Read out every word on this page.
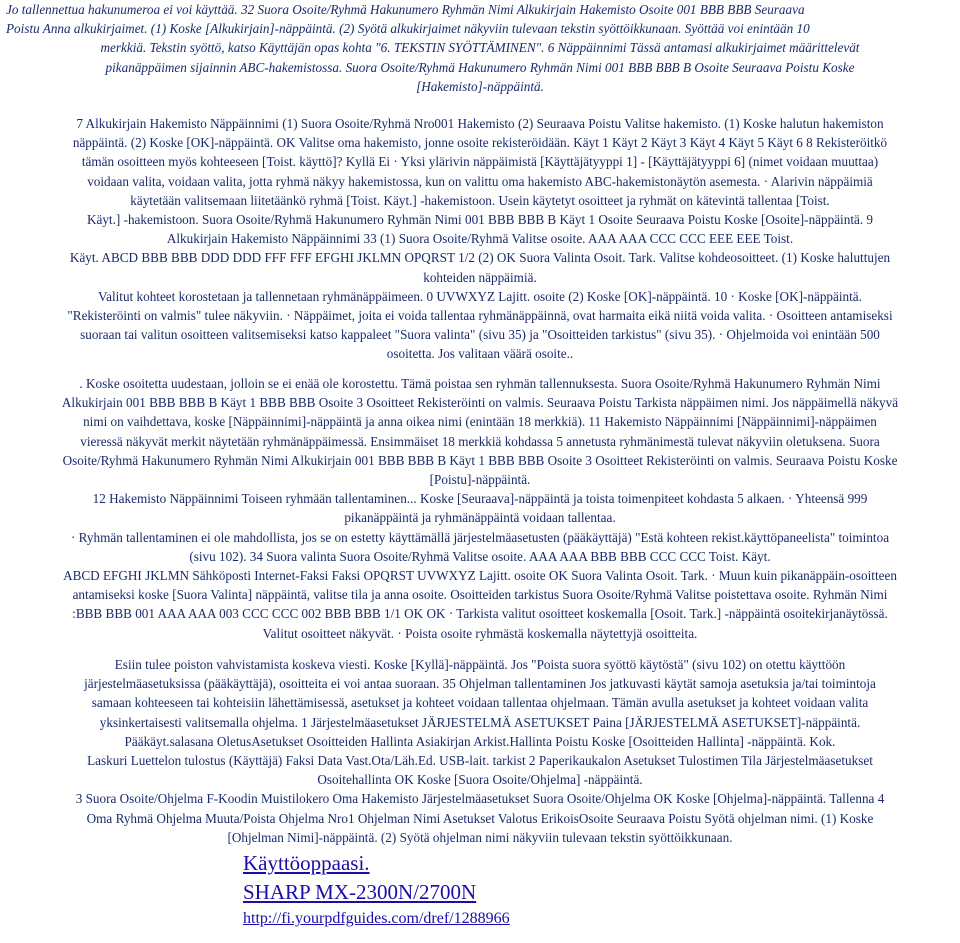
Jo tallennettua hakunumeroa ei voi käyttää. 32 Suora Osoite/Ryhmä Hakunumero Ryhmän Nimi Alkukirjain Hakemisto Osoite 001 BBB BBB Seuraava
Poistu Anna alkukirjaimet. (1) Koske [Alkukirjain]-näppäintä. (2) Syötä alkukirjaimet näkyviin tulevaan tekstin syöttöikkunaan. Syöttää voi enintään 10
merkkiä. Tekstin syöttö, katso Käyttäjän opas kohta "6. TEKSTIN SYÖTTÄMINEN". 6 Näppäinnimi Tässä antamasi alkukirjaimet määrittelevät
pikanäppäimen sijainnin ABC-hakemistossa. Suora Osoite/Ryhmä Hakunumero Ryhmän Nimi 001 BBB BBB B Osoite Seuraava Poistu Koske
[Hakemisto]-näppäintä.
7 Alkukirjain Hakemisto Näppäinnimi (1) Suora Osoite/Ryhmä Nro001 Hakemisto (2) Seuraava Poistu Valitse hakemisto. (1) Koske halutun hakemiston
näppäintä. (2) Koske [OK]-näppäintä. OK Valitse oma hakemisto, jonne osoite rekisteröidään. Käyt 1 Käyt 2 Käyt 3 Käyt 4 Käyt 5 Käyt 6 8 Rekisteröitkö
tämän osoitteen myös kohteeseen [Toist. käyttö]? Kyllä Ei · Yksi ylärivin näppäimistä [Käyttäjätyyppi 1] - [Käyttäjätyyppi 6] (nimet voidaan muuttaa)
voidaan valita, voidaan valita, jotta ryhmä näkyy hakemistossa, kun on valittu oma hakemisto ABC-hakemistonäytön asemesta. · Alarivin näppäimiä
käytetään valitsemaan liitetäänkö ryhmä [Toist. Käyt.] -hakemistoon. Usein käytetyt osoitteet ja ryhmät on kätevintä tallentaa [Toist.
Käyt.] -hakemistoon. Suora Osoite/Ryhmä Hakunumero Ryhmän Nimi 001 BBB BBB B Käyt 1 Osoite Seuraava Poistu Koske [Osoite]-näppäintä. 9
Alkukirjain Hakemisto Näppäinnimi 33 (1) Suora Osoite/Ryhmä Valitse osoite. AAA AAA CCC CCC EEE EEE Toist.
Käyt. ABCD BBB BBB DDD DDD FFF FFF EFGHI JKLMN OPQRST 1/2 (2) OK Suora Valinta Osoit. Tark. Valitse kohdeosoitteet. (1) Koske haluttujen
kohteiden näppäimiä.
Valitut kohteet korostetaan ja tallennetaan ryhmänäppäimeen. 0 UVWXYZ Lajitt. osoite (2) Koske [OK]-näppäintä. 10 · Koske [OK]-näppäintä.
"Rekisteröinti on valmis" tulee näkyviin. · Näppäimet, joita ei voida tallentaa ryhmänäppäinnä, ovat harmaita eikä niitä voida valita. · Osoitteen antamiseksi
suoraan tai valitun osoitteen valitsemiseksi katso kappaleet "Suora valinta" (sivu 35) ja "Osoitteiden tarkistus" (sivu 35). · Ohjelmoida voi enintään 500
osoitetta. Jos valitaan väärä osoite..
. Koske osoitetta uudestaan, jolloin se ei enää ole korostettu. Tämä poistaa sen ryhmän tallennuksesta. Suora Osoite/Ryhmä Hakunumero Ryhmän Nimi
Alkukirjain 001 BBB BBB B Käyt 1 BBB BBB Osoite 3 Osoitteet Rekisteröinti on valmis. Seuraava Poistu Tarkista näppäimen nimi. Jos näppäimellä näkyvä
nimi on vaihdettava, koske [Näppäinnimi]-näppäintä ja anna oikea nimi (enintään 18 merkkiä). 11 Hakemisto Näppäinnimi [Näppäinnimi]-näppäimen
vieressä näkyvät merkit näytetään ryhmänäppäimessä. Ensimmäiset 18 merkkiä kohdassa 5 annetusta ryhmänimestä tulevat näkyviin oletuksena. Suora
Osoite/Ryhmä Hakunumero Ryhmän Nimi Alkukirjain 001 BBB BBB B Käyt 1 BBB BBB Osoite 3 Osoitteet Rekisteröinti on valmis. Seuraava Poistu Koske
[Poistu]-näppäintä.
12 Hakemisto Näppäinnimi Toiseen ryhmään tallentaminen... Koske [Seuraava]-näppäintä ja toista toimenpiteet kohdasta 5 alkaen. · Yhteensä 999
pikanäppäintä ja ryhmänäppäintä voidaan tallentaa.
· Ryhmän tallentaminen ei ole mahdollista, jos se on estetty käyttämällä järjestelmäasetusten (pääkäyttäjä) "Estä kohteen rekist.käyttöpaneelista" toimintoa
(sivu 102). 34 Suora valinta Suora Osoite/Ryhmä Valitse osoite. AAA AAA BBB BBB CCC CCC Toist. Käyt.
ABCD EFGHI JKLMN Sähköposti Internet-Faksi Faksi OPQRST UVWXYZ Lajitt. osoite OK Suora Valinta Osoit. Tark. · Muun kuin pikanäppäin-osoitteen
antamiseksi koske [Suora Valinta] näppäintä, valitse tila ja anna osoite. Osoitteiden tarkistus Suora Osoite/Ryhmä Valitse poistettava osoite. Ryhmän Nimi
:BBB BBB 001 AAA AAA 003 CCC CCC 002 BBB BBB 1/1 OK OK · Tarkista valitut osoitteet koskemalla [Osoit. Tark.] -näppäintä osoitekirjanäytössä.
Valitut osoitteet näkyvät. · Poista osoite ryhmästä koskemalla näytettyjä osoitteita.
Esiin tulee poiston vahvistamista koskeva viesti. Koske [Kyllä]-näppäintä. Jos "Poista suora syöttö käytöstä" (sivu 102) on otettu käyttöön
järjestelmäasetuksissa (pääkäyttäjä), osoitteita ei voi antaa suoraan. 35 Ohjelman tallentaminen Jos jatkuvasti käytät samoja asetuksia ja/tai toimintoja
samaan kohteeseen tai kohteisiin lähettämisessä, asetukset ja kohteet voidaan tallentaa ohjelmaan. Tämän avulla asetukset ja kohteet voidaan valita
yksinkertaisesti valitsemalla ohjelma. 1 Järjestelmäasetukset JÄRJESTELMÄ ASETUKSET Paina [JÄRJESTELMÄ ASETUKSET]-näppäintä.
Pääkäyt.salasana OletusAsetukset Osoitteiden Hallinta Asiakirjan Arkist.Hallinta Poistu Koske [Osoitteiden Hallinta] -näppäintä. Kok.
Laskuri Luettelon tulostus (Käyttäjä) Faksi Data Vast.Ota/Läh.Ed. USB-lait. tarkist 2 Paperikaukalon Asetukset Tulostimen Tila Järjestelmäasetukset
Osoitehallinta OK Koske [Suora Osoite/Ohjelma] -näppäintä.
3 Suora Osoite/Ohjelma F-Koodin Muistilokero Oma Hakemisto Järjestelmäasetukset Suora Osoite/Ohjelma OK Koske [Ohjelma]-näppäintä. Tallenna 4
Oma Ryhmä Ohjelma Muuta/Poista Ohjelma Nro1 Ohjelman Nimi Asetukset Valotus ErikoisOsoite Seuraava Poistu Syötä ohjelman nimi. (1) Koske
[Ohjelman Nimi]-näppäintä. (2) Syötä ohjelman nimi näkyviin tulevaan tekstin syöttöikkunaan.
Käyttöoppaasi.
SHARP MX-2300N/2700N
http://fi.yourpdfguides.com/dref/1288966
